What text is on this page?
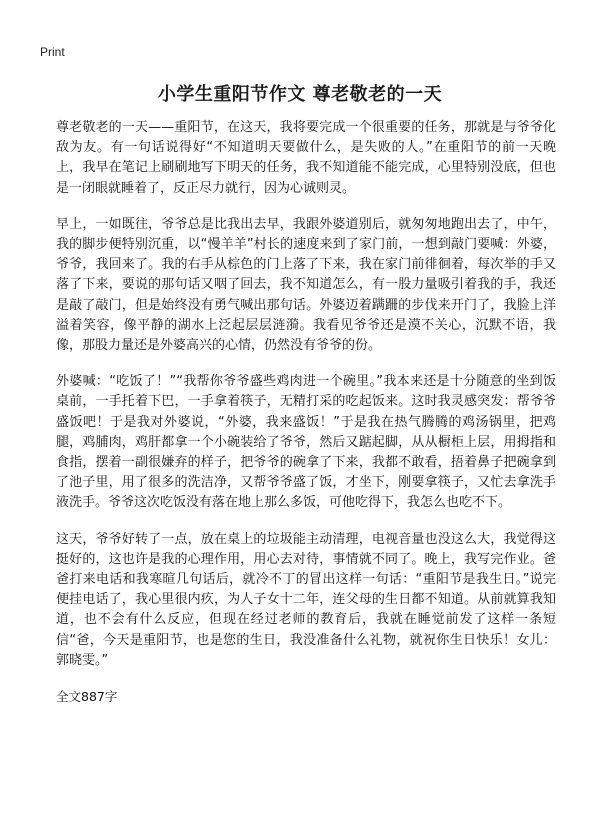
Print
小学生重阳节作文 尊老敬老的一天

尊老敬老的一天——重阳节，在这天，我将要完成一个很重要的任务，那就是与爷爷化敌为友。有一句话说得好“不知道明天要做什么，是失败的人。”在重阳节的前一天晚上，我早在笔记上刷刷地写下明天的任务，我不知道能不能完成，心里特别没底，但也是一闭眼就睡着了，反正尽力就行，因为心诚则灵。

早上，一如既往，爷爷总是比我出去早，我跟外婆道别后，就匆匆地跑出去了，中午，我的脚步便特别沉重，以“慢羊羊”村长的速度来到了家门前，一想到敲门要喊：外婆，爷爷，我回来了。我的右手从棕色的门上落了下来，我在家门前徘徊着，每次举的手又落了下来，要说的那句话又咽了回去，我不知道怎么，有一股力量吸引着我的手，我还是敲了敲门，但是始终没有勇气喊出那句话。外婆迈着蹒跚的步伐来开门了，我脸上洋溢着笑容，像平静的湖水上泛起层层涟漪。我看见爷爷还是漠不关心，沉默不语，我像，那股力量还是外婆高兴的心情，仍然没有爷爷的份。

外婆喊：“吃饭了！”“我帮你爷爷盛些鸡肉进一个碗里。”我本来还是十分随意的坐到饭桌前，一手托着下巴，一手拿着筷子，无精打采的吃起饭来。这时我灵感突发：帮爷爷盛饭吧！于是我对外婆说，“外婆，我来盛饭！”于是我在热气腾腾的鸡汤锅里，把鸡腿，鸡脯肉，鸡肝都拿一个小碗装给了爷爷，然后又踮起脚，从从橱柜上层，用拇指和食指，摆着一副很嫌弃的样子，把爷爷的碗拿了下来，我都不敢看，捂着鼻子把碗拿到了池子里，用了很多的洗洁净，又帮爷爷盛了饭，才坐下，刚要拿筷子，又忙去拿洗手液洗手。爷爷这次吃饭没有落在地上那么多饭，可他吃得下，我怎么也吃不下。

这天，爷爷好转了一点，放在桌上的垃圾能主动清理，电视音量也没这么大，我觉得这挺好的，这也许是我的心理作用，用心去对待，事情就不同了。晚上，我写完作业。爸爸打来电话和我寒暄几句话后，就冷不丁的冒出这样一句话：“重阳节是我生日。”说完便挂电话了，我心里很内疚，为人子女十二年，连父母的生日都不知道。从前就算我知道，也不会有什么反应，但现在经过老师的教育后，我就在睡觉前发了这样一条短信“爸，今天是重阳节，也是您的生日，我没准备什么礼物，就祝你生日快乐！女儿：郭晓雯。”

全文887字
